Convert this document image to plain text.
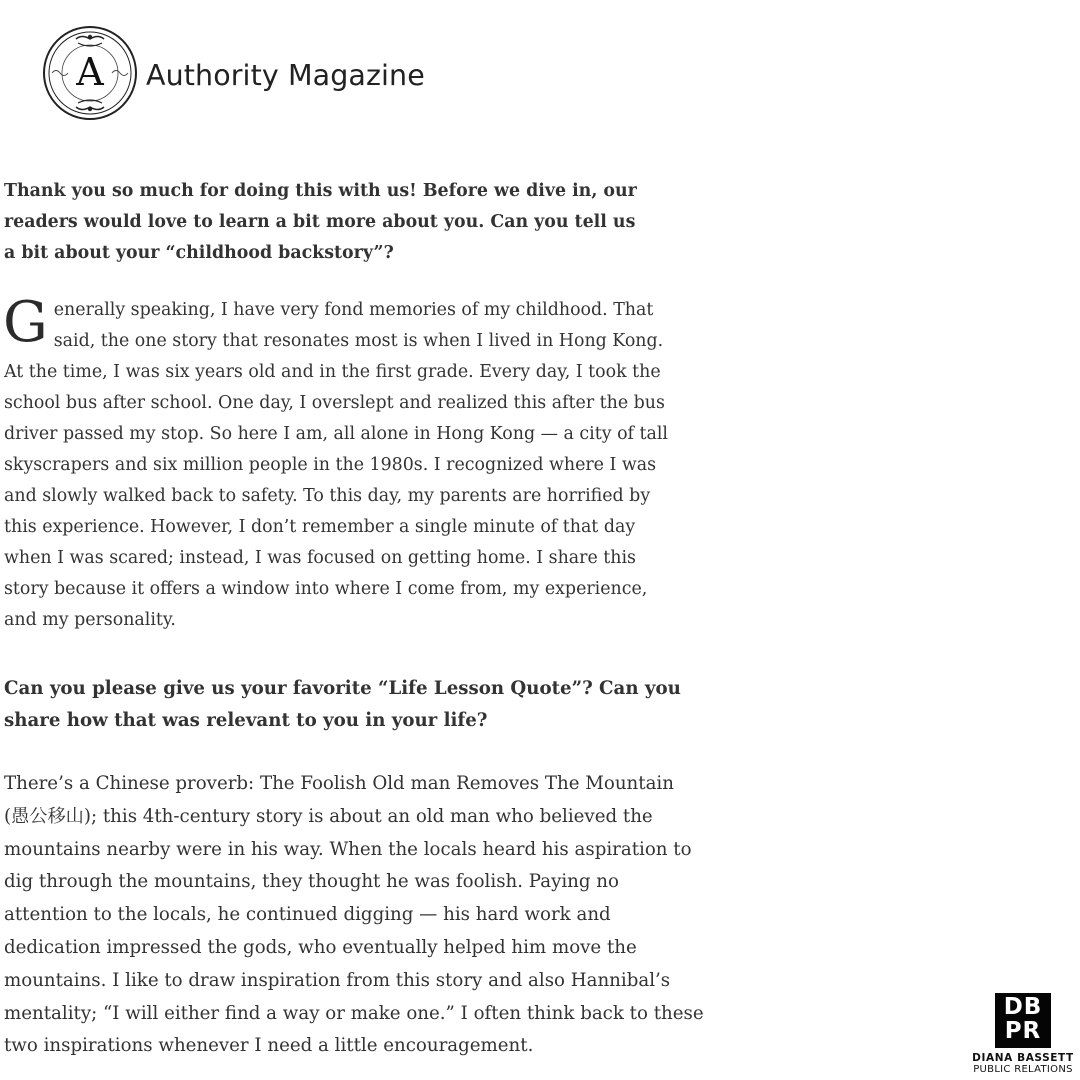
A Authority Magazine

Thank you so much for doing this with us! Before we dive in, our readers would love to learn a bit more about you. Can you tell us a bit about your “childhood backstory”?

G enerally speaking, I have very fond memories of my childhood. That said, the one story that resonates most is when I lived in Hong Kong. At the time, I was six years old and in the first grade. Every day, I took the school bus after school. One day, I overslept and realized this after the bus driver passed my stop. So here I am, all alone in Hong Kong — a city of tall skyscrapers and six million people in the 1980s. I recognized where I was and slowly walked back to safety. To this day, my parents are horrified by this experience. However, I don’t remember a single minute of that day when I was scared; instead, I was focused on getting home. I share this story because it offers a window into where I come from, my experience, and my personality.

Can you please give us your favorite “Life Lesson Quote”? Can you share how that was relevant to you in your life?

There’s a Chinese proverb: The Foolish Old man Removes The Mountain (愚公移山); this 4th-century story is about an old man who believed the mountains nearby were in his way. When the locals heard his aspiration to dig through the mountains, they thought he was foolish. Paying no attention to the locals, he continued digging — his hard work and dedication impressed the gods, who eventually helped him move the mountains. I like to draw inspiration from this story and also Hannibal’s mentality; “I will either find a way or make one.” I often think back to these two inspirations whenever I need a little encouragement.

DB
PR
DIANA BASSETT
PUBLIC RELATIONS
